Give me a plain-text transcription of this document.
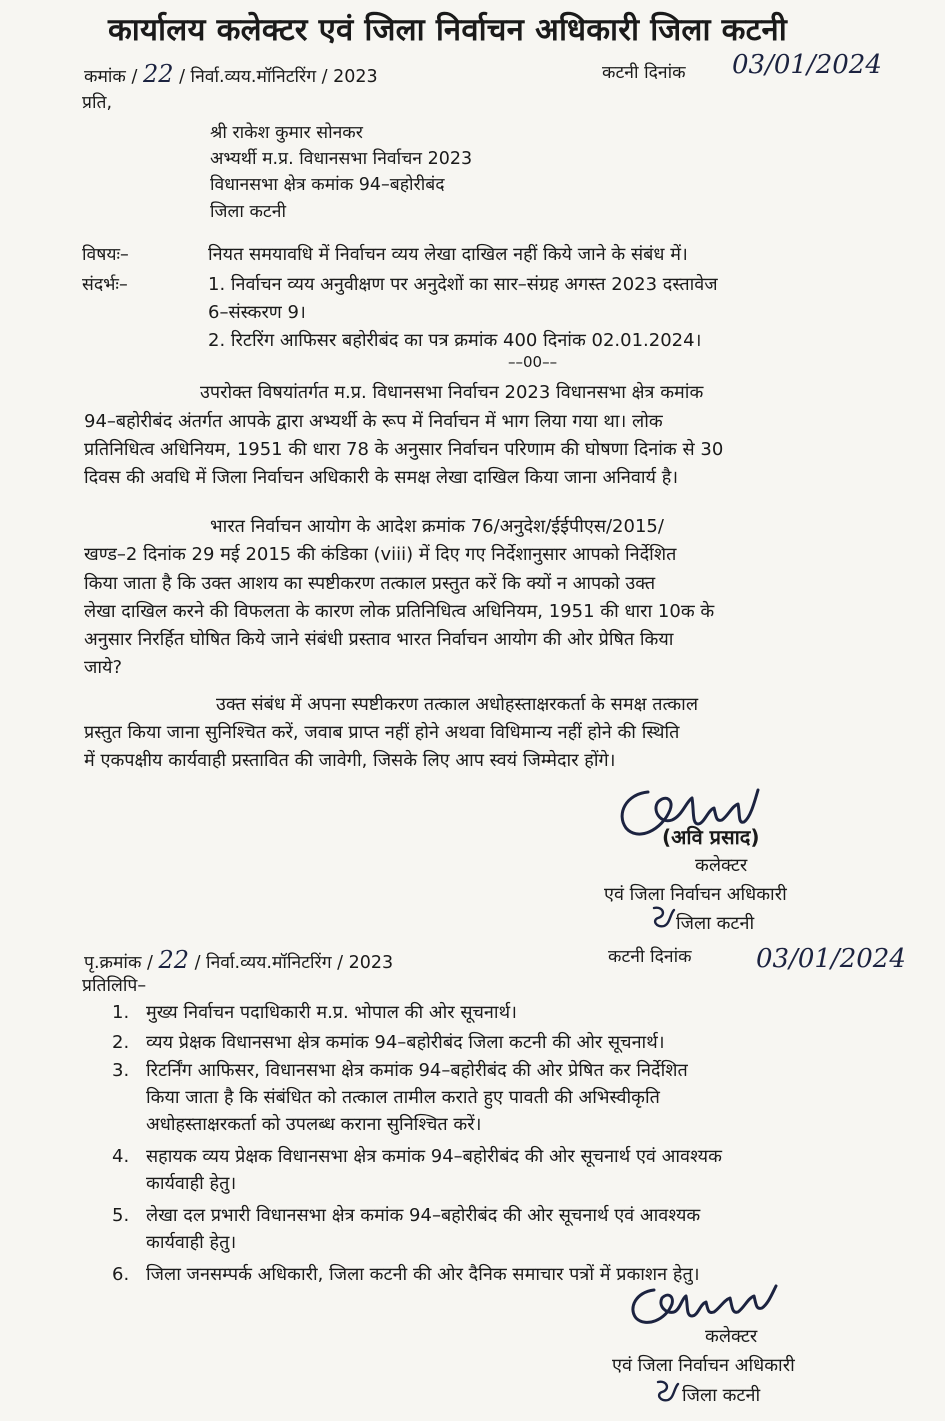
कार्यालय कलेक्टर एवं जिला निर्वाचन अधिकारी जिला कटनी
कमांक / 22 / निर्वा.व्यय.मॉनिटरिंग / 2023	कटनी दिनांक 03/01/2024
प्रति,
श्री राकेश कुमार सोनकर
अभ्यर्थी म.प्र. विधानसभा निर्वाचन 2023
विधानसभा क्षेत्र कमांक 94–बहोरीबंद
जिला कटनी
विषयः–	नियत समयावधि में निर्वाचन व्यय लेखा दाखिल नहीं किये जाने के संबंध में।
संदर्भः–	1. निर्वाचन व्यय अनुवीक्षण पर अनुदेशों का सार–संग्रह अगस्त 2023 दस्तावेज
6–संस्करण 9।
2. रिटरिंग आफिसर बहोरीबंद का पत्र क्रमांक 400 दिनांक 02.01.2024।
––00––
उपरोक्त विषयांतर्गत म.प्र. विधानसभा निर्वाचन 2023 विधानसभा क्षेत्र कमांक
94–बहोरीबंद अंतर्गत आपके द्वारा अभ्यर्थी के रूप में निर्वाचन में भाग लिया गया था। लोक
प्रतिनिधित्व अधिनियम, 1951 की धारा 78 के अनुसार निर्वाचन परिणाम की घोषणा दिनांक से 30
दिवस की अवधि में जिला निर्वाचन अधिकारी के समक्ष लेखा दाखिल किया जाना अनिवार्य है।
भारत निर्वाचन आयोग के आदेश क्रमांक 76/अनुदेश/ईईपीएस/2015/
खण्ड–2 दिनांक 29 मई 2015 की कंडिका (viii) में दिए गए निर्देशानुसार आपको निर्देशित
किया जाता है कि उक्त आशय का स्पष्टीकरण तत्काल प्रस्तुत करें कि क्यों न आपको उक्त
लेखा दाखिल करने की विफलता के कारण लोक प्रतिनिधित्व अधिनियम, 1951 की धारा 10क के
अनुसार निरर्हित घोषित किये जाने संबंधी प्रस्ताव भारत निर्वाचन आयोग की ओर प्रेषित किया
जाये?
उक्त संबंध में अपना स्पष्टीकरण तत्काल अधोहस्ताक्षरकर्ता के समक्ष तत्काल
प्रस्तुत किया जाना सुनिश्चित करें, जवाब प्राप्त नहीं होने अथवा विधिमान्य नहीं होने की स्थिति
में एकपक्षीय कार्यवाही प्रस्तावित की जावेगी, जिसके लिए आप स्वयं जिम्मेदार होंगे।
(अवि प्रसाद)
कलेक्टर
एवं जिला निर्वाचन अधिकारी
जिला कटनी
पृ.क्रमांक / 22 / निर्वा.व्यय.मॉनिटरिंग / 2023	कटनी दिनांक 03/01/2024
प्रतिलिपि–
1. मुख्य निर्वाचन पदाधिकारी म.प्र. भोपाल की ओर सूचनार्थ।
2. व्यय प्रेक्षक विधानसभा क्षेत्र कमांक 94–बहोरीबंद जिला कटनी की ओर सूचनार्थ।
3. रिटर्निंग आफिसर, विधानसभा क्षेत्र कमांक 94–बहोरीबंद की ओर प्रेषित कर निर्देशित
किया जाता है कि संबंधित को तत्काल तामील कराते हुए पावती की अभिस्वीकृति
अधोहस्ताक्षरकर्ता को उपलब्ध कराना सुनिश्चित करें।
4. सहायक व्यय प्रेक्षक विधानसभा क्षेत्र कमांक 94–बहोरीबंद की ओर सूचनार्थ एवं आवश्यक
कार्यवाही हेतु।
5. लेखा दल प्रभारी विधानसभा क्षेत्र कमांक 94–बहोरीबंद की ओर सूचनार्थ एवं आवश्यक
कार्यवाही हेतु।
6. जिला जनसम्पर्क अधिकारी, जिला कटनी की ओर दैनिक समाचार पत्रों में प्रकाशन हेतु।
कलेक्टर
एवं जिला निर्वाचन अधिकारी
जिला कटनी
